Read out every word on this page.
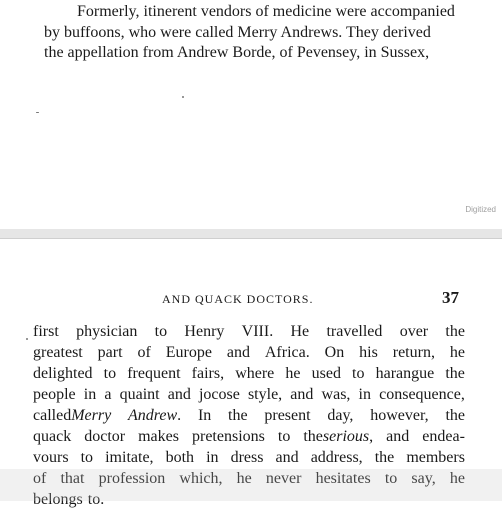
Formerly, itinerent vendors of medicine were accompanied
by buffoons, who were called Merry Andrews. They derived
the appellation from Andrew Borde, of Pevensey, in Sussex,
Digitized
AND QUACK DOCTORS.	37
first physician to Henry VIII. He travelled over the
greatest part of Europe and Africa. On his return, he
delighted to frequent fairs, where he used to harangue the
people in a quaint and jocose style, and was, in consequence,
calledMerry Andrew. In the present day, however, the
quack doctor makes pretensions to theserious, and endea-
vours to imitate, both in dress and address, the members
of that profession which, he never hesitates to say, he
belongs to.
